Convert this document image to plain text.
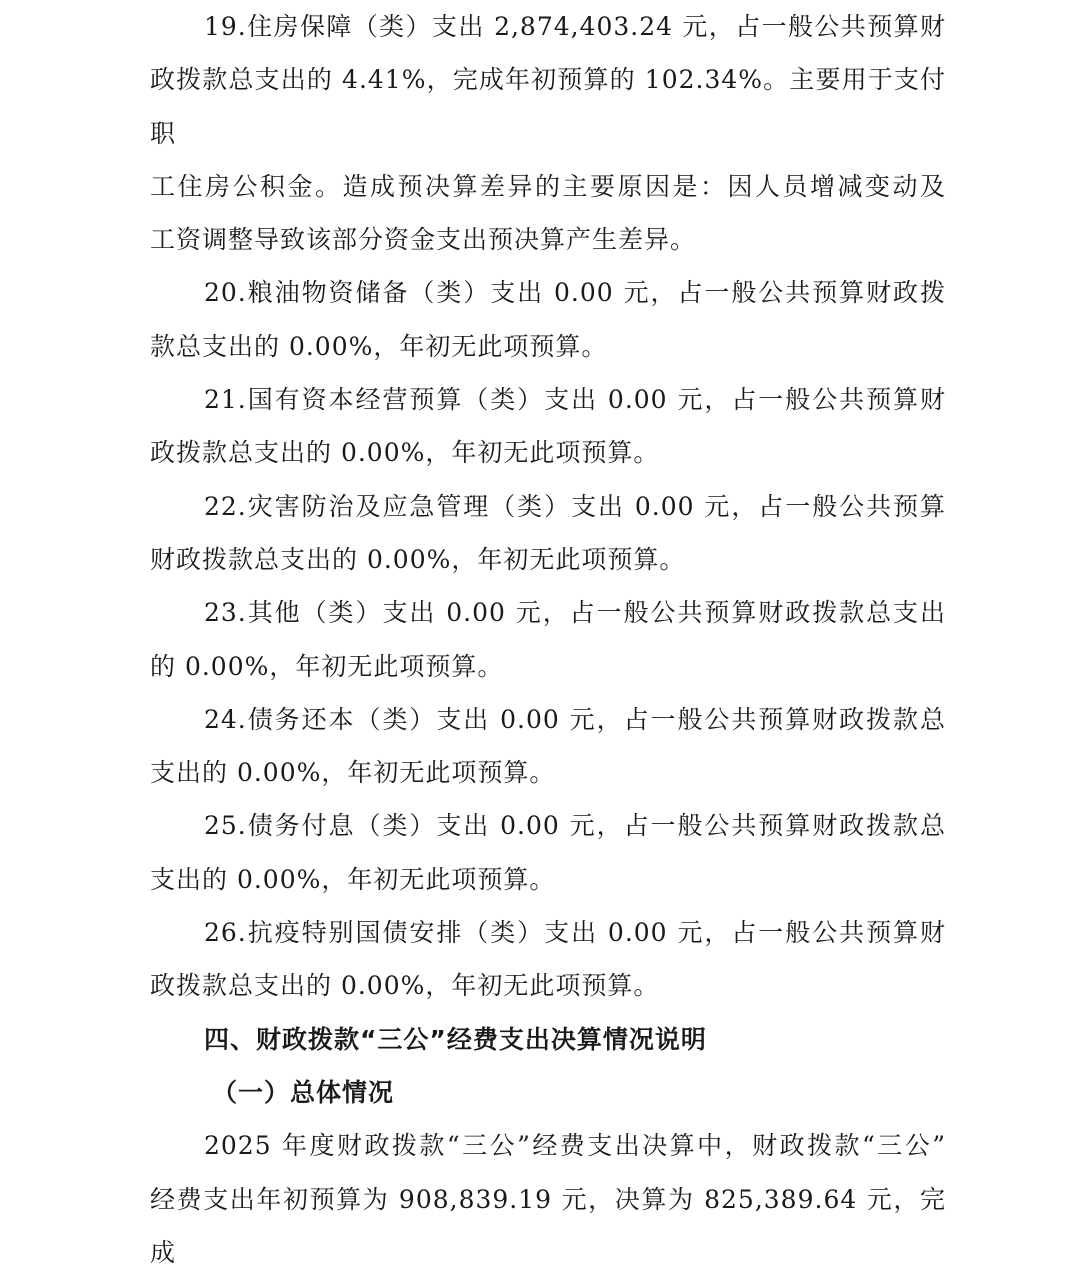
19.住房保障（类）支出 2,874,403.24 元，占一般公共预算财
政拨款总支出的 4.41%，完成年初预算的 102.34%。主要用于支付职
工住房公积金。造成预决算差异的主要原因是：因人员增减变动及
工资调整导致该部分资金支出预决算产生差异。

20.粮油物资储备（类）支出 0.00 元，占一般公共预算财政拨
款总支出的 0.00%，年初无此项预算。

21.国有资本经营预算（类）支出 0.00 元，占一般公共预算财
政拨款总支出的 0.00%，年初无此项预算。

22.灾害防治及应急管理（类）支出 0.00 元，占一般公共预算
财政拨款总支出的 0.00%，年初无此项预算。

23.其他（类）支出 0.00 元，占一般公共预算财政拨款总支出
的 0.00%，年初无此项预算。

24.债务还本（类）支出 0.00 元，占一般公共预算财政拨款总
支出的 0.00%，年初无此项预算。

25.债务付息（类）支出 0.00 元，占一般公共预算财政拨款总
支出的 0.00%，年初无此项预算。

26.抗疫特别国债安排（类）支出 0.00 元，占一般公共预算财
政拨款总支出的 0.00%，年初无此项预算。

四、财政拨款“三公”经费支出决算情况说明
（一）总体情况

2025 年度财政拨款“三公”经费支出决算中，财政拨款“三公”
经费支出年初预算为 908,839.19 元，决算为 825,389.64 元，完成
